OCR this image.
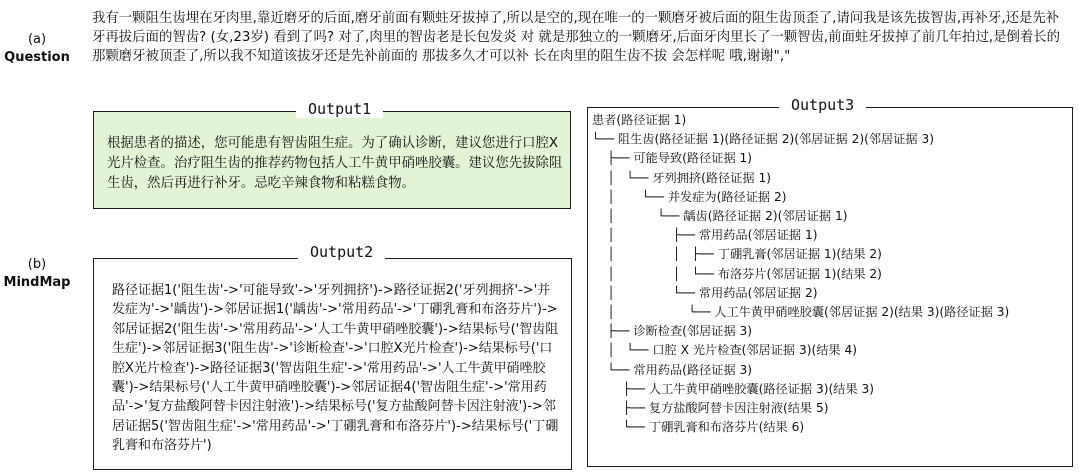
(a)
Question

我有一颗阻生齿埋在牙肉里,靠近磨牙的后面,磨牙前面有颗蛀牙拔掉了,所以是空的,现在唯一的一颗磨牙被后面的阻生齿顶歪了,请问我是该先拔智齿,再补牙,还是先补牙再拔后面的智齿? (女,23岁) 看到了吗? 对了,肉里的智齿老是长包发炎 对 就是那独立的一颗磨牙,后面牙肉里长了一颗智齿,前面蛀牙拔掉了前几年拍过,是倒着长的 那颗磨牙被顶歪了,所以我不知道该拔牙还是先补前面的 那拔多久才可以补 长在肉里的阻生齿不拔 会怎样呢 哦,谢谢","

(b)
MindMap

根据患者的描述，您可能患有智齿阻生症。为了确认诊断，建议您进行口腔X光片检查。治疗阻生齿的推荐药物包括人工牛黄甲硝唑胶囊。建议您先拔除阻生齿，然后再进行补牙。忌吃辛辣食物和粘糕食物。

Output1

路径证据1('阻生齿'->'可能导致'->'牙列拥挤')->路径证据2('牙列拥挤'->'并发症为'->'龋齿')->邻居证据1('龋齿'->'常用药品'->'丁硼乳膏和布洛芬片')->邻居证据2('阻生齿'->'常用药品'->'人工牛黄甲硝唑胶囊')->结果标号('智齿阻生症')->邻居证据3('阻生齿'->'诊断检查'->'口腔X光片检查')->结果标号('口腔X光片检查')->路径证据3('智齿阻生症'->'常用药品'->'人工牛黄甲硝唑胶囊')->结果标号('人工牛黄甲硝唑胶囊')->邻居证据4('智齿阻生症'->'常用药品'->'复方盐酸阿替卡因注射液')->结果标号('复方盐酸阿替卡因注射液')->邻居证据5('智齿阻生症'->'常用药品'->'丁硼乳膏和布洛芬片')->结果标号('丁硼乳膏和布洛芬片')

Output2
患者(路径证据 1)
└── 阻生齿(路径证据 1)(路径证据 2)(邻居证据 2)(邻居证据 3)
├── 可能导致(路径证据 1)
│   └── 牙列拥挤(路径证据 1)
│       └── 并发症为(路径证据 2)
│           └── 龋齿(路径证据 2)(邻居证据 1)
│               ├── 常用药品(邻居证据 1)
│               │   ├── 丁硼乳膏(邻居证据 1)(结果 2)
│               │   └── 布洛芬片(邻居证据 1)(结果 2)
│               └── 常用药品(邻居证据 2)
│                   └── 人工牛黄甲硝唑胶囊(邻居证据 2)(结果 3)(路径证据 3)
├── 诊断检查(邻居证据 3)
│   └── 口腔 X 光片检查(邻居证据 3)(结果 4)
└── 常用药品(路径证据 3)
├── 人工牛黄甲硝唑胶囊(路径证据 3)(结果 3)
├── 复方盐酸阿替卡因注射液(结果 5)
└── 丁硼乳膏和布洛芬片(结果 6)
Output3
